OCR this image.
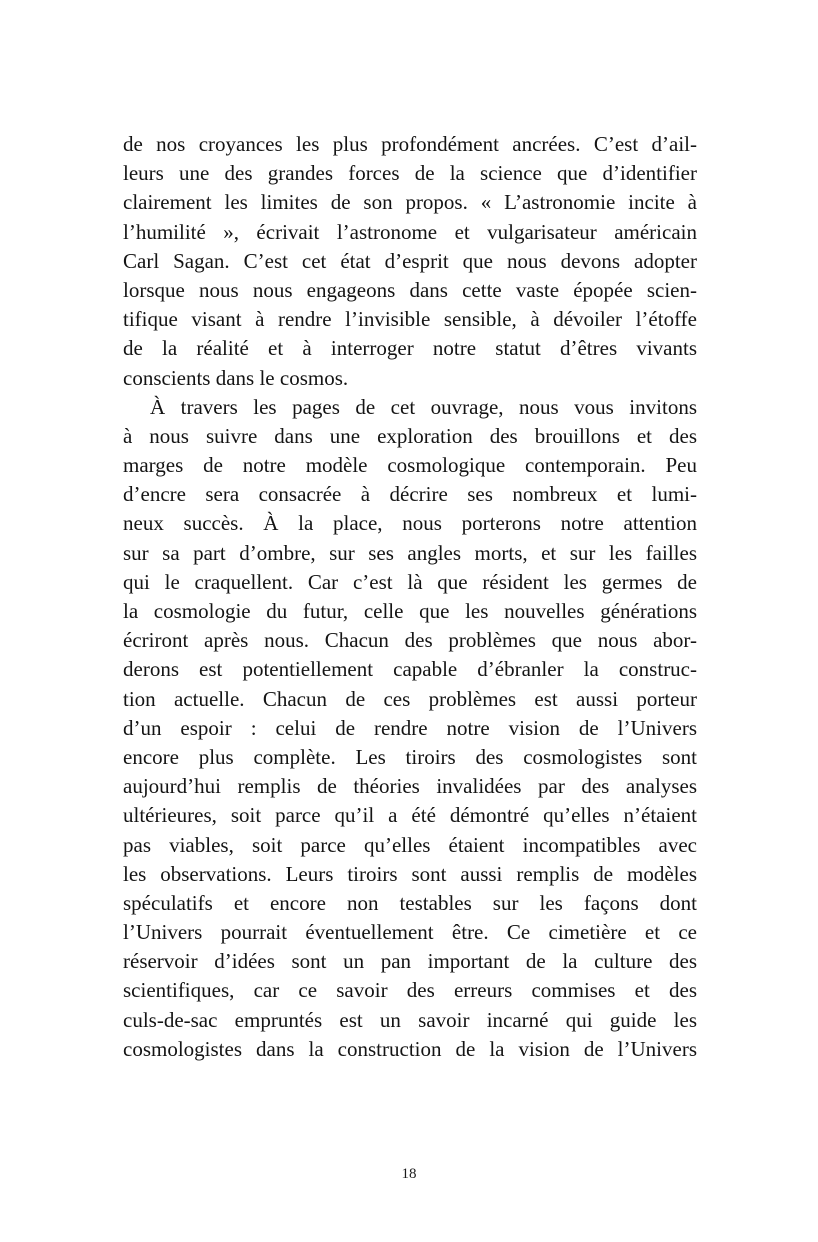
de nos croyances les plus profondément ancrées. C’est d’ail-
leurs une des grandes forces de la science que d’identifier
clairement les limites de son propos. « L’astronomie incite à
l’humilité », écrivait l’astronome et vulgarisateur américain
Carl Sagan. C’est cet état d’esprit que nous devons adopter
lorsque nous nous engageons dans cette vaste épopée scien-
tifique visant à rendre l’invisible sensible, à dévoiler l’étoffe
de la réalité et à interroger notre statut d’êtres vivants
conscients dans le cosmos.
À travers les pages de cet ouvrage, nous vous invitons
à nous suivre dans une exploration des brouillons et des
marges de notre modèle cosmologique contemporain. Peu
d’encre sera consacrée à décrire ses nombreux et lumi-
neux succès. À la place, nous porterons notre attention
sur sa part d’ombre, sur ses angles morts, et sur les failles
qui le craquellent. Car c’est là que résident les germes de
la cosmologie du futur, celle que les nouvelles générations
écriront après nous. Chacun des problèmes que nous abor-
derons est potentiellement capable d’ébranler la construc-
tion actuelle. Chacun de ces problèmes est aussi porteur
d’un espoir : celui de rendre notre vision de l’Univers
encore plus complète. Les tiroirs des cosmologistes sont
aujourd’hui remplis de théories invalidées par des analyses
ultérieures, soit parce qu’il a été démontré qu’elles n’étaient
pas viables, soit parce qu’elles étaient incompatibles avec
les observations. Leurs tiroirs sont aussi remplis de modèles
spéculatifs et encore non testables sur les façons dont
l’Univers pourrait éventuellement être. Ce cimetière et ce
réservoir d’idées sont un pan important de la culture des
scientifiques, car ce savoir des erreurs commises et des
culs-de-sac empruntés est un savoir incarné qui guide les
cosmologistes dans la construction de la vision de l’Univers
18
